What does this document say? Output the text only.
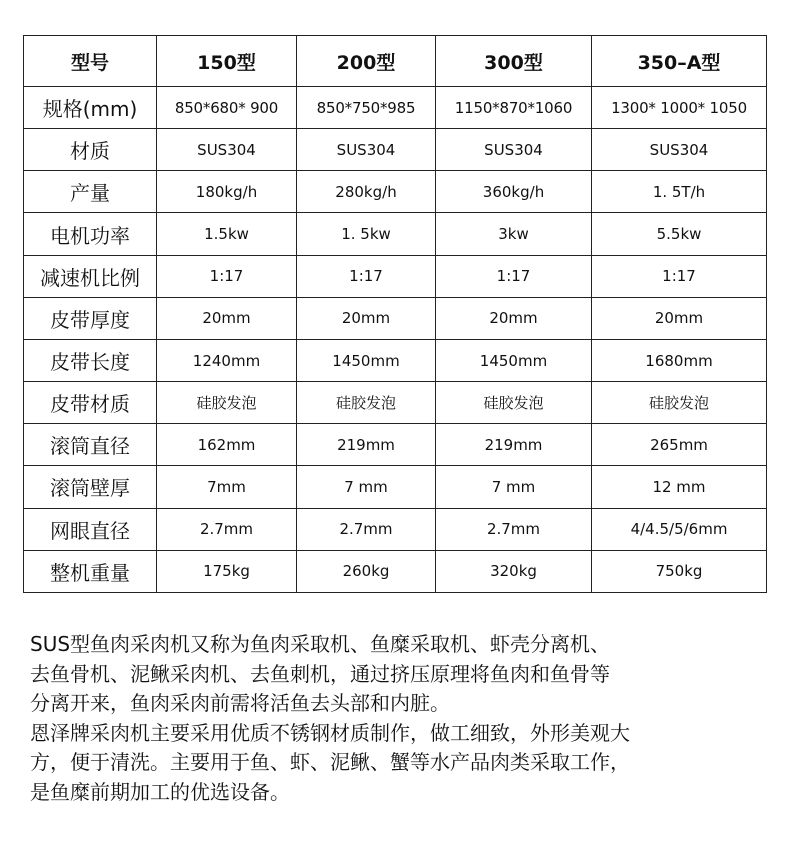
型号	150型	200型	300型	350–A型
规格(mm)	850*680* 900	850*750*985	1150*870*1060	1300* 1000* 1050
材质	SUS304	SUS304	SUS304	SUS304
产量	180kg/h	280kg/h	360kg/h	1. 5T/h
电机功率	1.5kw	1. 5kw	3kw	5.5kw
减速机比例	1:17	1:17	1:17	1:17
皮带厚度	20mm	20mm	20mm	20mm
皮带长度	1240mm	1450mm	1450mm	1680mm
皮带材质	硅胶发泡	硅胶发泡	硅胶发泡	硅胶发泡
滚筒直径	162mm	219mm	219mm	265mm
滚筒壁厚	7mm	7 mm	7 mm	12 mm
网眼直径	2.7mm	2.7mm	2.7mm	4/4.5/5/6mm
整机重量	175kg	260kg	320kg	750kg

SUS型鱼肉采肉机又称为鱼肉采取机、鱼糜采取机、虾壳分离机、

去鱼骨机、泥鳅采肉机、去鱼刺机，通过挤压原理将鱼肉和鱼骨等

分离开来，鱼肉采肉前需将活鱼去头部和内脏。

恩泽牌采肉机主要采用优质不锈钢材质制作，做工细致，外形美观大

方，便于清洗。主要用于鱼、虾、泥鳅、蟹等水产品肉类采取工作，

是鱼糜前期加工的优选设备。
